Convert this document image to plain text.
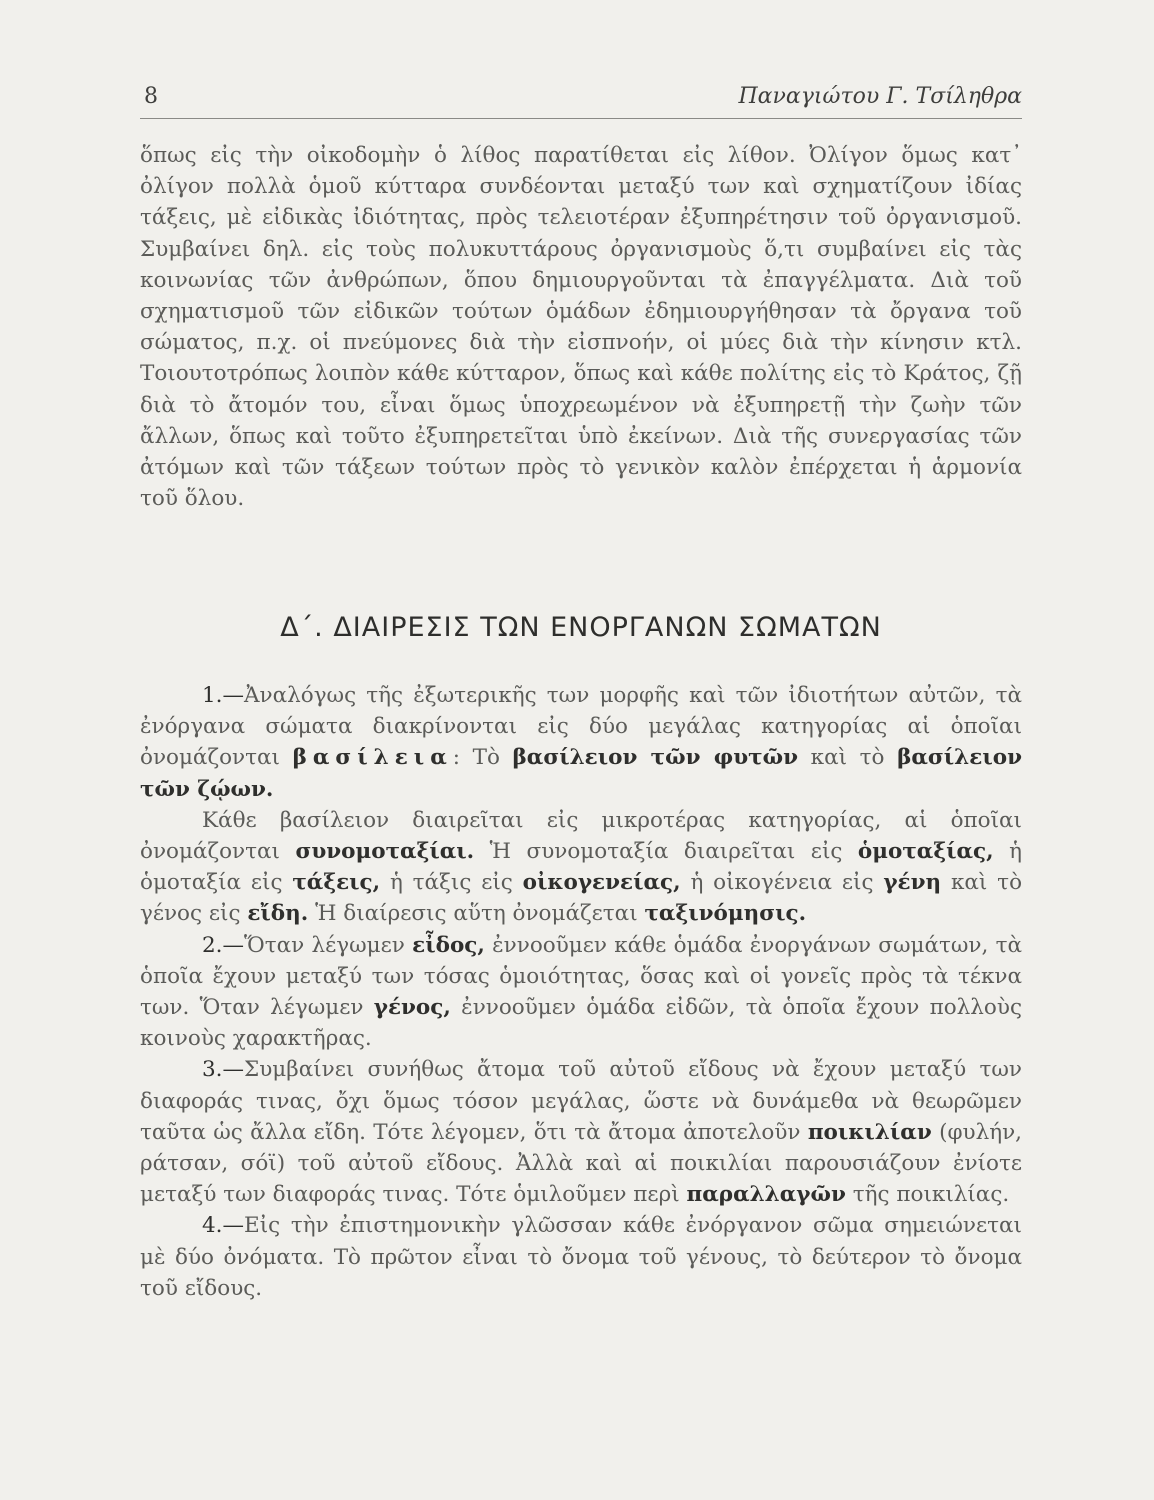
8	Παναγιώτου Γ. Τσίληθρα

ὅπως εἰς τὴν οἰκοδομὴν ὁ λίθος παρατίθεται εἰς λίθον. Ὀλίγον ὅμως κατ᾽ ὀλίγον πολλὰ ὁμοῦ κύτταρα συνδέονται μεταξύ των καὶ σχηματίζουν ἰδίας τάξεις, μὲ εἰδικὰς ἰδιότητας, πρὸς τελειοτέραν ἐξυπηρέτησιν τοῦ ὀργανισμοῦ. Συμβαίνει δηλ. εἰς τοὺς πολυκυττάρους ὀργανισμοὺς ὅ,τι συμβαίνει εἰς τὰς κοινωνίας τῶν ἀνθρώπων, ὅπου δημιουργοῦνται τὰ ἐπαγγέλματα. Διὰ τοῦ σχηματισμοῦ τῶν εἰδικῶν τούτων ὁμάδων ἐδημιουργήθησαν τὰ ὄργανα τοῦ σώματος, π.χ. οἱ πνεύμονες διὰ τὴν εἰσπνοήν, οἱ μύες διὰ τὴν κίνησιν κτλ. Τοιουτοτρόπως λοιπὸν κάθε κύτταρον, ὅπως καὶ κάθε πολίτης εἰς τὸ Κράτος, ζῇ διὰ τὸ ἄτομόν του, εἶναι ὅμως ὑποχρεωμένον νὰ ἐξυπηρετῇ τὴν ζωὴν τῶν ἄλλων, ὅπως καὶ τοῦτο ἐξυπηρετεῖται ὑπὸ ἐκείνων. Διὰ τῆς συνεργασίας τῶν ἀτόμων καὶ τῶν τάξεων τούτων πρὸς τὸ γενικὸν καλὸν ἐπέρχεται ἡ ἁρμονία τοῦ ὅλου.

Δ΄. ΔΙΑΙΡΕΣΙΣ ΤΩΝ ΕΝΟΡΓΑΝΩΝ ΣΩΜΑΤΩΝ

1.—Ἀναλόγως τῆς ἐξωτερικῆς των μορφῆς καὶ τῶν ἰδιοτήτων αὐτῶν, τὰ ἐνόργανα σώματα διακρίνονται εἰς δύο μεγάλας κατηγορίας αἱ ὁποῖαι ὀνομάζονται βασίλεια: Τὸ βασίλειον τῶν φυτῶν καὶ τὸ βασίλειον τῶν ζῴων.

Κάθε βασίλειον διαιρεῖται εἰς μικροτέρας κατηγορίας, αἱ ὁποῖαι ὀνομάζονται συνομοταξίαι. Ἡ συνομοταξία διαιρεῖται εἰς ὁμοταξίας, ἡ ὁμοταξία εἰς τάξεις, ἡ τάξις εἰς οἰκογενείας, ἡ οἰκογένεια εἰς γένη καὶ τὸ γένος εἰς εἴδη. Ἡ διαίρεσις αὕτη ὀνομάζεται ταξινόμησις.

2.—Ὅταν λέγωμεν εἶδος, ἐννοοῦμεν κάθε ὁμάδα ἐνοργάνων σωμάτων, τὰ ὁποῖα ἔχουν μεταξύ των τόσας ὁμοιότητας, ὅσας καὶ οἱ γονεῖς πρὸς τὰ τέκνα των. Ὅταν λέγωμεν γένος, ἐννοοῦμεν ὁμάδα εἰδῶν, τὰ ὁποῖα ἔχουν πολλοὺς κοινοὺς χαρακτῆρας.

3.—Συμβαίνει συνήθως ἄτομα τοῦ αὐτοῦ εἴδους νὰ ἔχουν μεταξύ των διαφοράς τινας, ὄχι ὅμως τόσον μεγάλας, ὥστε νὰ δυνάμεθα νὰ θεωρῶμεν ταῦτα ὡς ἄλλα εἴδη. Τότε λέγομεν, ὅτι τὰ ἄτομα ἀποτελοῦν ποικιλίαν (φυλήν, ράτσαν, σόϊ) τοῦ αὐτοῦ εἴδους. Ἀλλὰ καὶ αἱ ποικιλίαι παρουσιάζουν ἐνίοτε μεταξύ των διαφοράς τινας. Τότε ὁμιλοῦμεν περὶ παραλλαγῶν τῆς ποικιλίας.

4.—Εἰς τὴν ἐπιστημονικὴν γλῶσσαν κάθε ἐνόργανον σῶμα σημειώνεται μὲ δύο ὀνόματα. Τὸ πρῶτον εἶναι τὸ ὄνομα τοῦ γένους, τὸ δεύτερον τὸ ὄνομα τοῦ εἴδους.
